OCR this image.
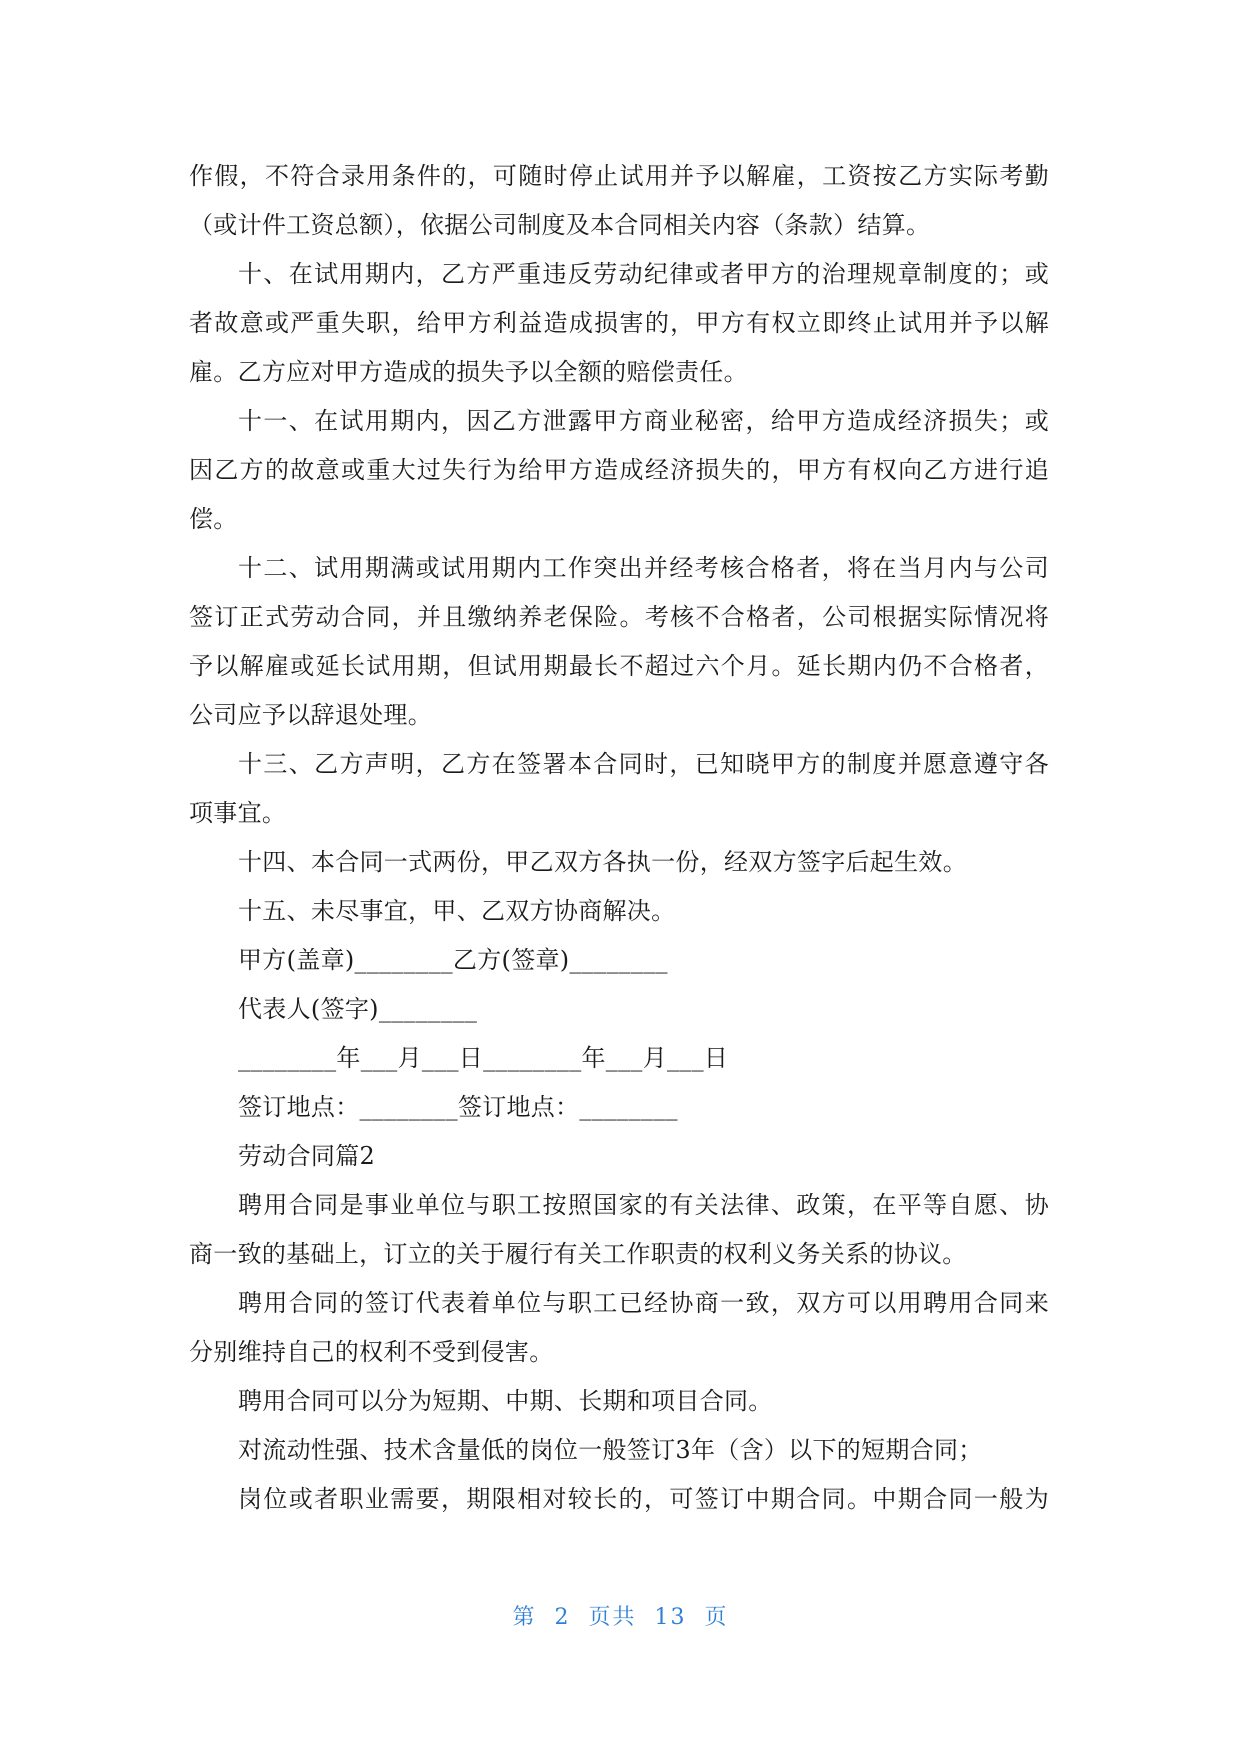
作假，不符合录用条件的，可随时停止试用并予以解雇，工资按乙方实际考勤
（或计件工资总额），依据公司制度及本合同相关内容（条款）结算。
十、在试用期内，乙方严重违反劳动纪律或者甲方的治理规章制度的；或
者故意或严重失职，给甲方利益造成损害的，甲方有权立即终止试用并予以解
雇。乙方应对甲方造成的损失予以全额的赔偿责任。
十一、在试用期内，因乙方泄露甲方商业秘密，给甲方造成经济损失；或
因乙方的故意或重大过失行为给甲方造成经济损失的，甲方有权向乙方进行追
偿。
十二、试用期满或试用期内工作突出并经考核合格者，将在当月内与公司
签订正式劳动合同，并且缴纳养老保险。考核不合格者，公司根据实际情况将
予以解雇或延长试用期，但试用期最长不超过六个月。延长期内仍不合格者，
公司应予以辞退处理。
十三、乙方声明，乙方在签署本合同时，已知晓甲方的制度并愿意遵守各
项事宜。
十四、本合同一式两份，甲乙双方各执一份，经双方签字后起生效。
十五、未尽事宜，甲、乙双方协商解决。
甲方(盖章)________乙方(签章)________
代表人(签字)________
________年___月___日________年___月___日
签订地点：________签订地点：________
劳动合同篇2
聘用合同是事业单位与职工按照国家的有关法律、政策，在平等自愿、协
商一致的基础上，订立的关于履行有关工作职责的权利义务关系的协议。
聘用合同的签订代表着单位与职工已经协商一致，双方可以用聘用合同来
分别维持自己的权利不受到侵害。
聘用合同可以分为短期、中期、长期和项目合同。
对流动性强、技术含量低的岗位一般签订3年（含）以下的短期合同；
岗位或者职业需要，期限相对较长的，可签订中期合同。中期合同一般为
第 2 页共 13 页
